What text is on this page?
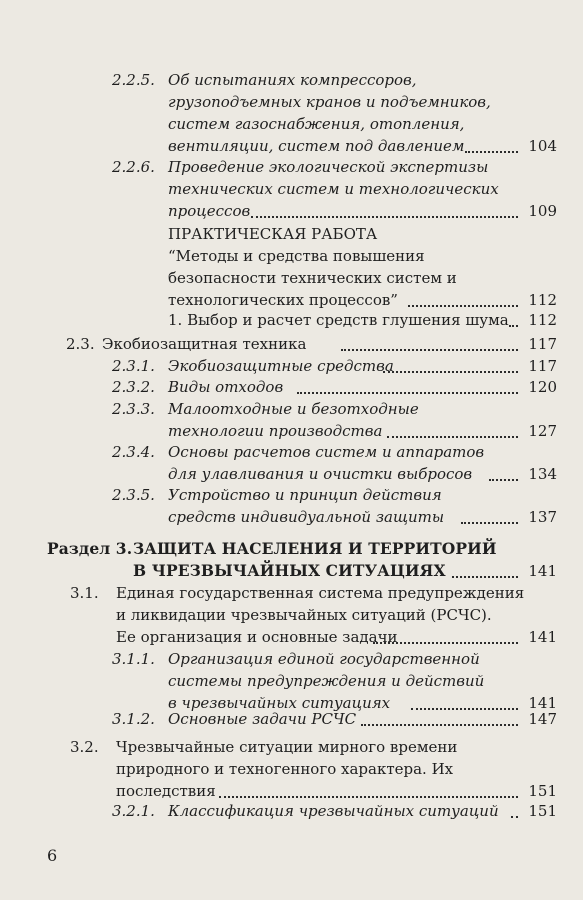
2.2.5. Об испытаниях компрессоров,
грузоподъемных кранов и подъемников,
систем газоснабжения, отопления,
вентиляции, систем под давлением	104
2.2.6. Проведение экологической экспертизы
технических систем и технологических
процессов	109
ПРАКТИЧЕСКАЯ РАБОТА
“Методы и средства повышения
безопасности технических систем и
технологических процессов”	112
1. Выбор и расчет средств глушения шума 112
2.3. Экобиозащитная техника	117
2.3.1. Экобиозащитные средства	117
2.3.2. Виды отходов	120
2.3.3. Малоотходные и безотходные
технологии производства	127
2.3.4. Основы расчетов систем и аппаратов
для улавливания и очистки выбросов	134
2.3.5. Устройство и принцип действия
средств индивидуальной защиты	137
Раздел 3. ЗАЩИТА НАСЕЛЕНИЯ И ТЕРРИТОРИЙ
В ЧРЕЗВЫЧАЙНЫХ СИТУАЦИЯХ	141
3.1. Единая государственная система предупреждения
и ликвидации чрезвычайных ситуаций (РСЧС).
Ее организация и основные задачи	141
3.1.1. Организация единой государственной
системы предупреждения и действий
в чрезвычайных ситуациях	141
3.1.2. Основные задачи РСЧС	147
3.2. Чрезвычайные ситуации мирного времени
природного и техногенного характера. Их
последствия	151
3.2.1. Классификация чрезвычайных ситуаций 151
6
